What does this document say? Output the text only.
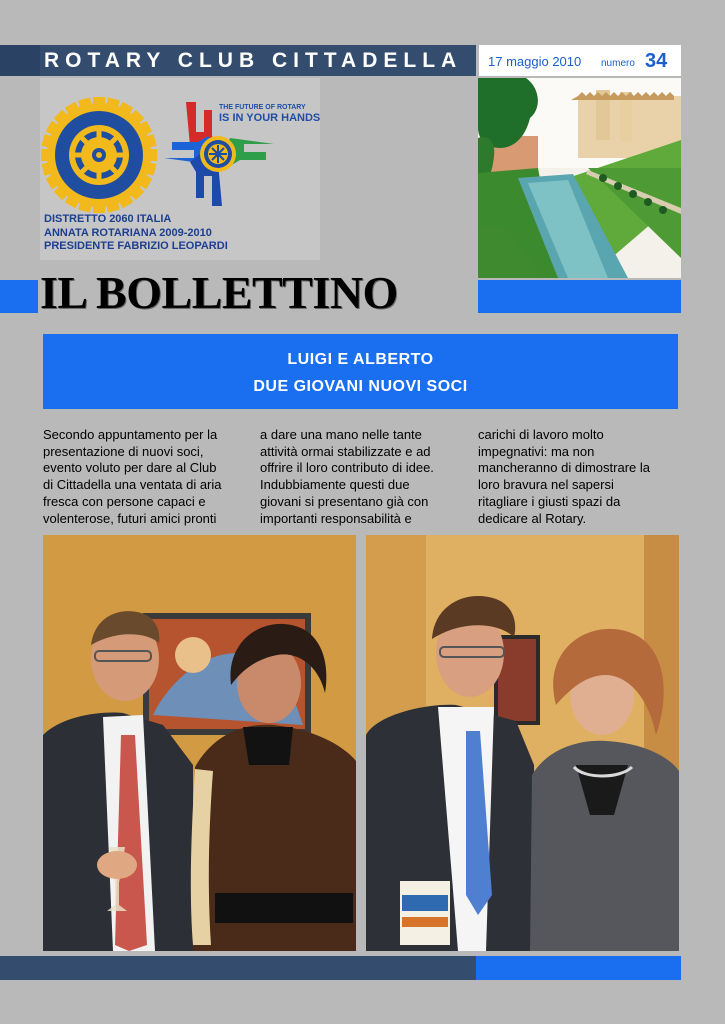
ROTARY CLUB CITTADELLA 17 maggio 2010 numero 34
THE FUTURE OF ROTARY
IS IN YOUR HANDS
DISTRETTO 2060 ITALIA
ANNATA ROTARIANA 2009-2010
PRESIDENTE FABRIZIO LEOPARDI
IL BOLLETTINO
LUIGI E ALBERTO
DUE GIOVANI NUOVI SOCI
Secondo appuntamento per la
presentazione di nuovi soci,
evento voluto per dare al Club
di Cittadella una ventata di aria
fresca con persone capaci e
volenterose, futuri amici pronti
a dare una mano nelle tante
attività ormai stabilizzate e ad
offrire il loro contributo di idee.
Indubbiamente questi due
giovani si presentano già con
importanti responsabilità e
carichi di lavoro molto
impegnativi: ma non
mancheranno di dimostrare la
loro bravura nel sapersi
ritagliare i giusti spazi da
dedicare al Rotary.
